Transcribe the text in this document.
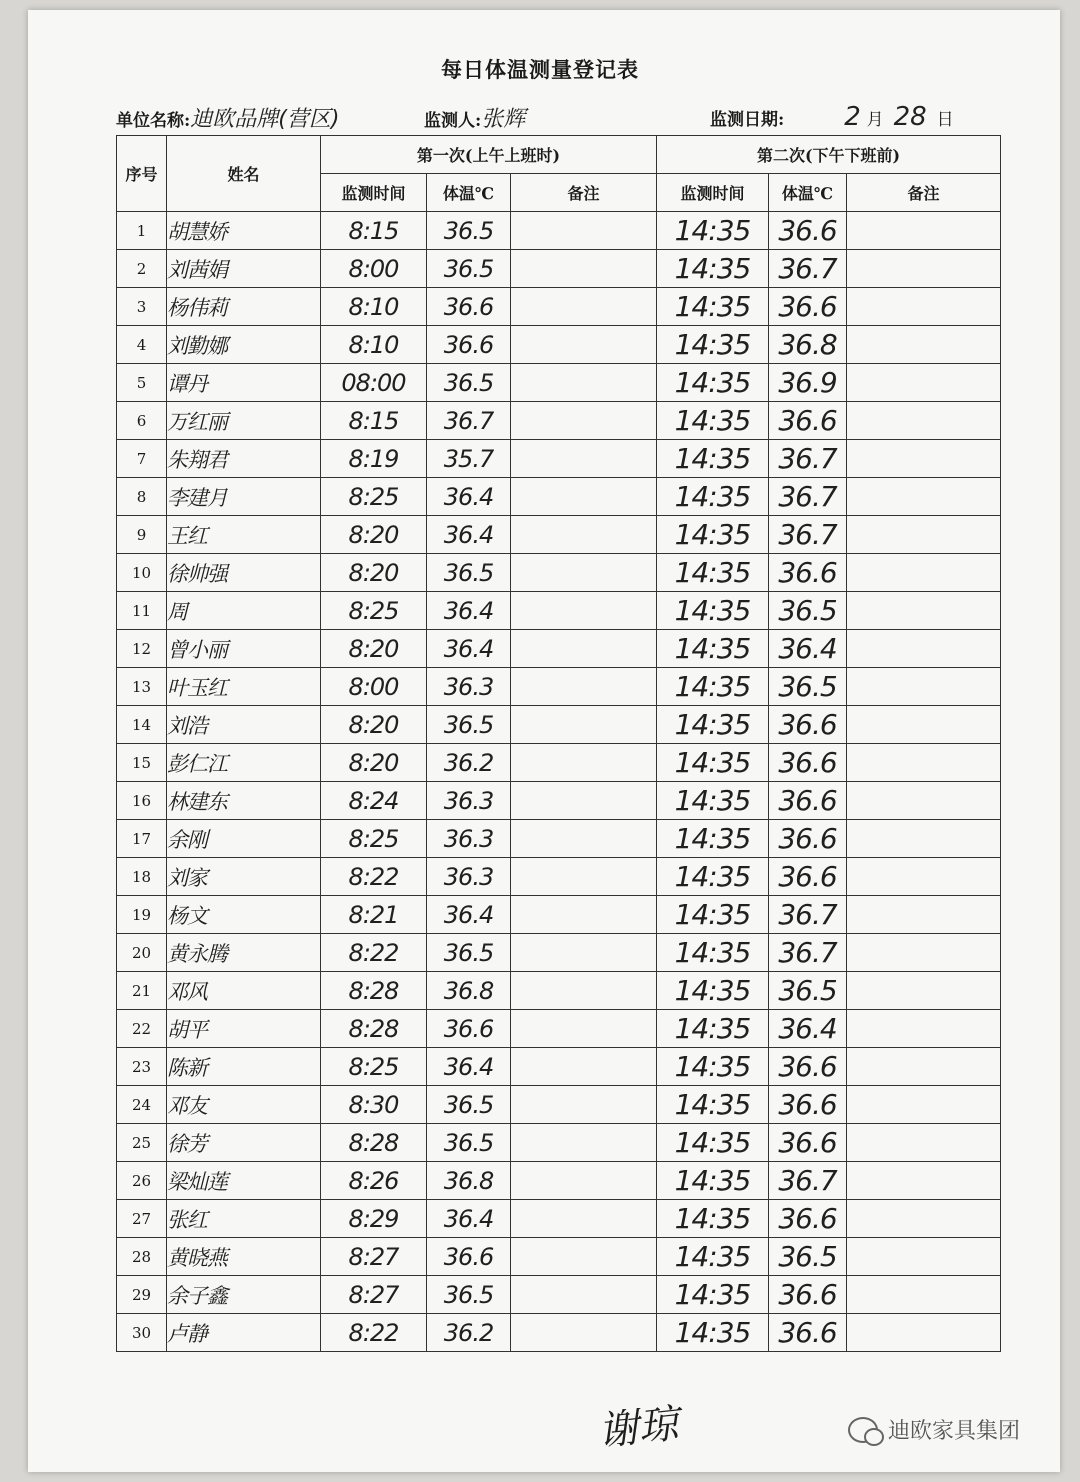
每日体温测量登记表
单位名称:迪欧品牌(营区)	监测人:张辉	监测日期: 2 月 28 日
序号	姓名	第一次(上午上班时)			第二次(下午下班前)		
		监测时间	体温℃	备注	监测时间	体温℃	备注
1	胡慧娇	8:15	36.5		14:35	36.6	
2	刘茜娟	8:00	36.5		14:35	36.7	
3	杨伟莉	8:10	36.6		14:35	36.6	
4	刘勤娜	8:10	36.6		14:35	36.8	
5	谭丹	08:00	36.5		14:35	36.9	
6	万红丽	8:15	36.7		14:35	36.6	
7	朱翔君	8:19	35.7		14:35	36.7	
8	李建月	8:25	36.4		14:35	36.7	
9	王红	8:20	36.4		14:35	36.7	
10	徐帅强	8:20	36.5		14:35	36.6	
11	周	8:25	36.4		14:35	36.5	
12	曾小丽	8:20	36.4		14:35	36.4	
13	叶玉红	8:00	36.3		14:35	36.5	
14	刘浩	8:20	36.5		14:35	36.6	
15	彭仁江	8:20	36.2		14:35	36.6	
16	林建东	8:24	36.3		14:35	36.6	
17	余刚	8:25	36.3		14:35	36.6	
18	刘家	8:22	36.3		14:35	36.6	
19	杨文	8:21	36.4		14:35	36.7	
20	黄永腾	8:22	36.5		14:35	36.7	
21	邓风	8:28	36.8		14:35	36.5	
22	胡平	8:28	36.6		14:35	36.4	
23	陈新	8:25	36.4		14:35	36.6	
24	邓友	8:30	36.5		14:35	36.6	
25	徐芳	8:28	36.5		14:35	36.6	
26	梁灿莲	8:26	36.8		14:35	36.7	
27	张红	8:29	36.4		14:35	36.6	
28	黄晓燕	8:27	36.6		14:35	36.5	
29	余子鑫	8:27	36.5		14:35	36.6	
30	卢静	8:22	36.2		14:35	36.6	
谢琼	迪欧家具集团
